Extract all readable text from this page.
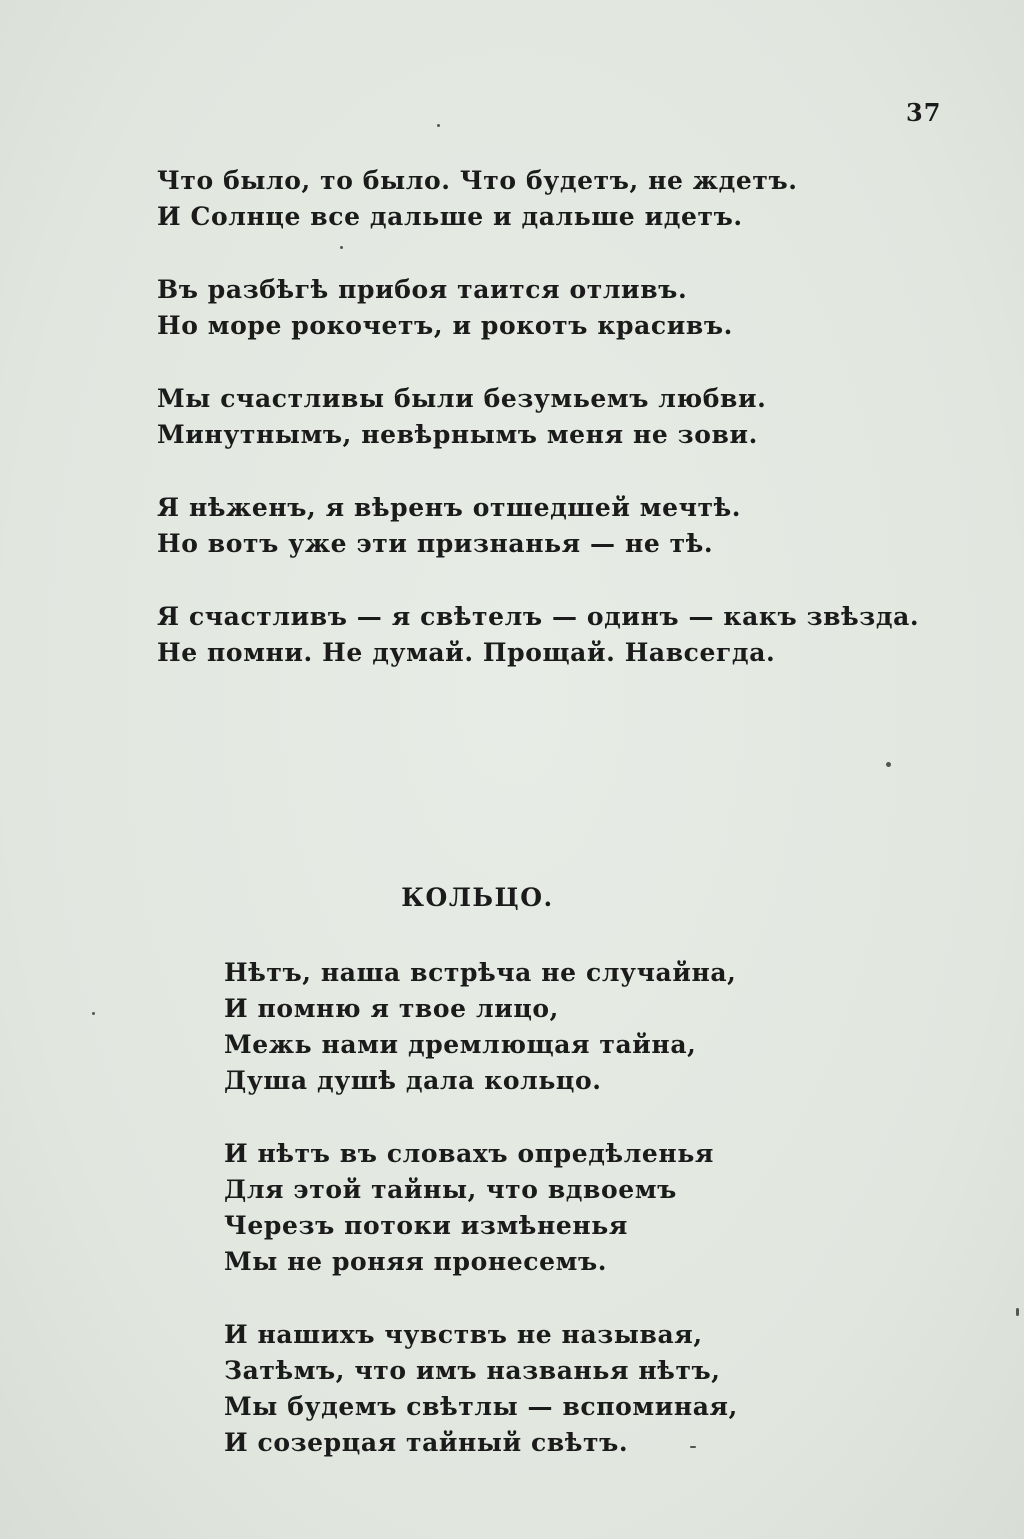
37
Что было, то было. Что будетъ, не ждетъ.
И Солнце все дальше и дальше идетъ.
Въ разбѣгѣ прибоя таится отливъ.
Но море рокочетъ, и рокотъ красивъ.
Мы счастливы были безумьемъ любви.
Минутнымъ, невѣрнымъ меня не зови.
Я нѣженъ, я вѣренъ отшедшей мечтѣ.
Но вотъ уже эти признанья — не тѣ.
Я счастливъ — я свѣтелъ — одинъ — какъ звѣзда.
Не помни. Не думай. Прощай. Навсегда.
КОЛЬЦО.
Нѣтъ, наша встрѣча не случайна,
И помню я твое лицо,
Межь нами дремлющая тайна,
Душа душѣ дала кольцо.
И нѣтъ въ словахъ опредѣленья
Для этой тайны, что вдвоемъ
Черезъ потоки измѣненья
Мы не роняя пронесемъ.
И нашихъ чувствъ не называя,
Затѣмъ, что имъ названья нѣтъ,
Мы будемъ свѣтлы — вспоминая,
И созерцая тайный свѣтъ.
